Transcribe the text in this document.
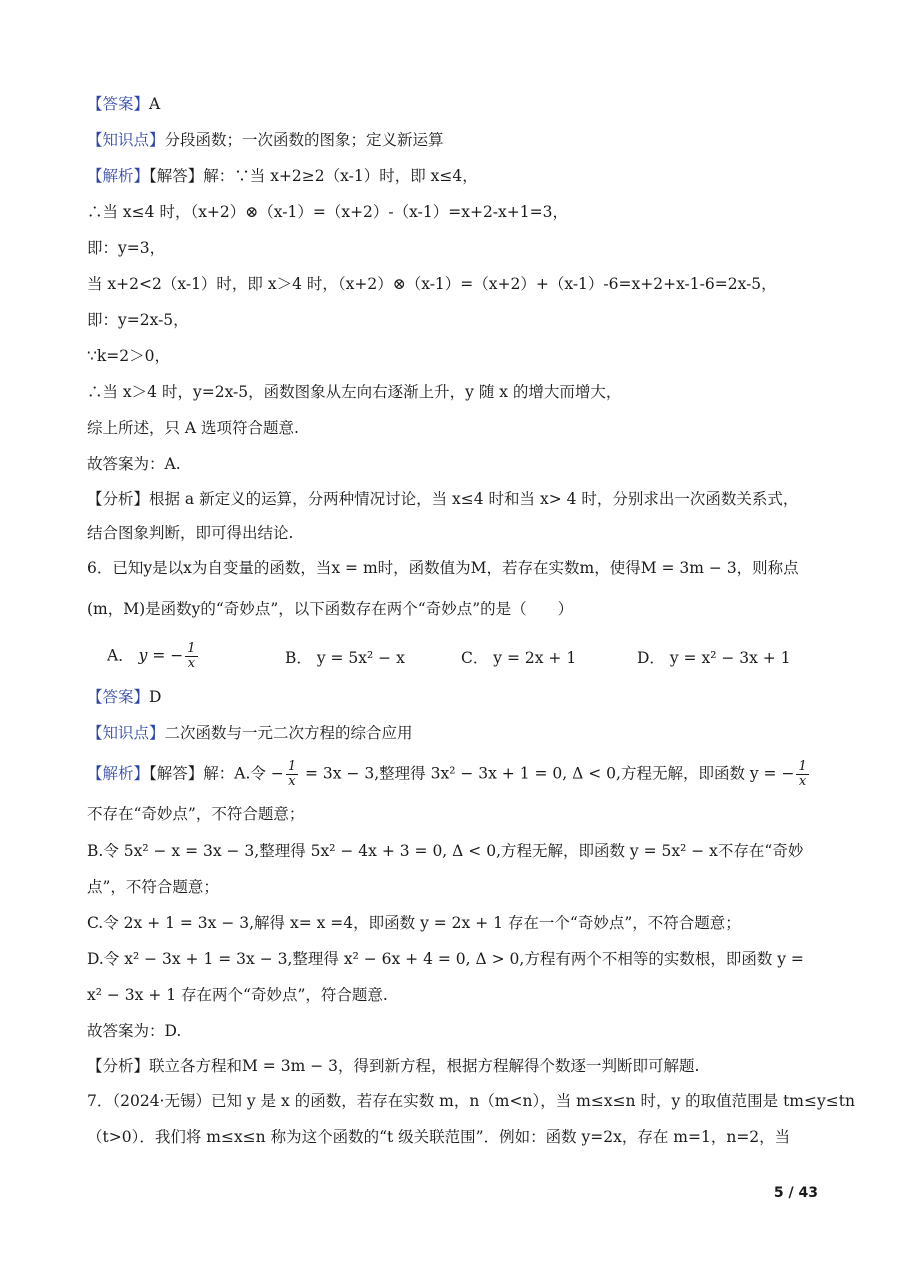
【答案】A
【知识点】分段函数；一次函数的图象；定义新运算
【解析】【解答】解：∵当 x+2≥2（x-1）时，即 x≤4，
∴当 x≤4 时，（x+2）⊗（x-1）=（x+2）-（x-1）=x+2-x+1=3，
即：y=3，
当 x+2<2（x-1）时，即 x＞4 时，（x+2）⊗（x-1）=（x+2）+（x-1）-6=x+2+x-1-6=2x-5，
即：y=2x-5，
∵k=2＞0，
∴当 x＞4 时，y=2x-5，函数图象从左向右逐渐上升，y 随 x 的增大而增大，
综上所述，只 A 选项符合题意.
故答案为：A.
【分析】根据 a 新定义的运算，分两种情况讨论，当 x≤4 时和当 x> 4 时，分别求出一次函数关系式，
结合图象判断，即可得出结论.
6．已知y是以x为自变量的函数，当x = m时，函数值为M，若存在实数m，使得M = 3m − 3，则称点
(m，M)是函数y的“奇妙点”，以下函数存在两个“奇妙点”的是（　　）
A． y = − $\frac{1}{x}$	B． y = 5x² − x	C． y = 2x + 1	D． y = x² − 3x + 1
【答案】D
【知识点】二次函数与一元二次方程的综合应用
【解析】【解答】解：A.令 − $\frac{1}{x} = 3x - 3$,整理得 3x² − 3x + 1 = 0, Δ < 0,方程无解，即函数 y = − $\frac{1}{x}$
不存在“奇妙点”，不符合题意；
B.令 5x² − x = 3x − 3,整理得 5x² − 4x + 3 = 0, Δ < 0,方程无解，即函数 y = 5x² − x不存在“奇妙
点”，不符合题意；
C.令 2x + 1 = 3x − 3,解得 x= x =4，即函数 y = 2x + 1 存在一个“奇妙点”，不符合题意；
D.令 x² − 3x + 1 = 3x − 3,整理得 x² − 6x + 4 = 0, Δ > 0,方程有两个不相等的实数根，即函数 y =
x² − 3x + 1 存在两个“奇妙点”，符合题意.
故答案为：D.
【分析】联立各方程和M = 3m − 3，得到新方程，根据方程解得个数逐一判断即可解题.
7．（2024·无锡）已知 y 是 x 的函数，若存在实数 m，n（m<n），当 m≤x≤n 时，y 的取值范围是 tm≤y≤tn
（t>0）．我们将 m≤x≤n 称为这个函数的“t 级关联范围”．例如：函数 y=2x，存在 m=1，n=2，当
5 / 43
